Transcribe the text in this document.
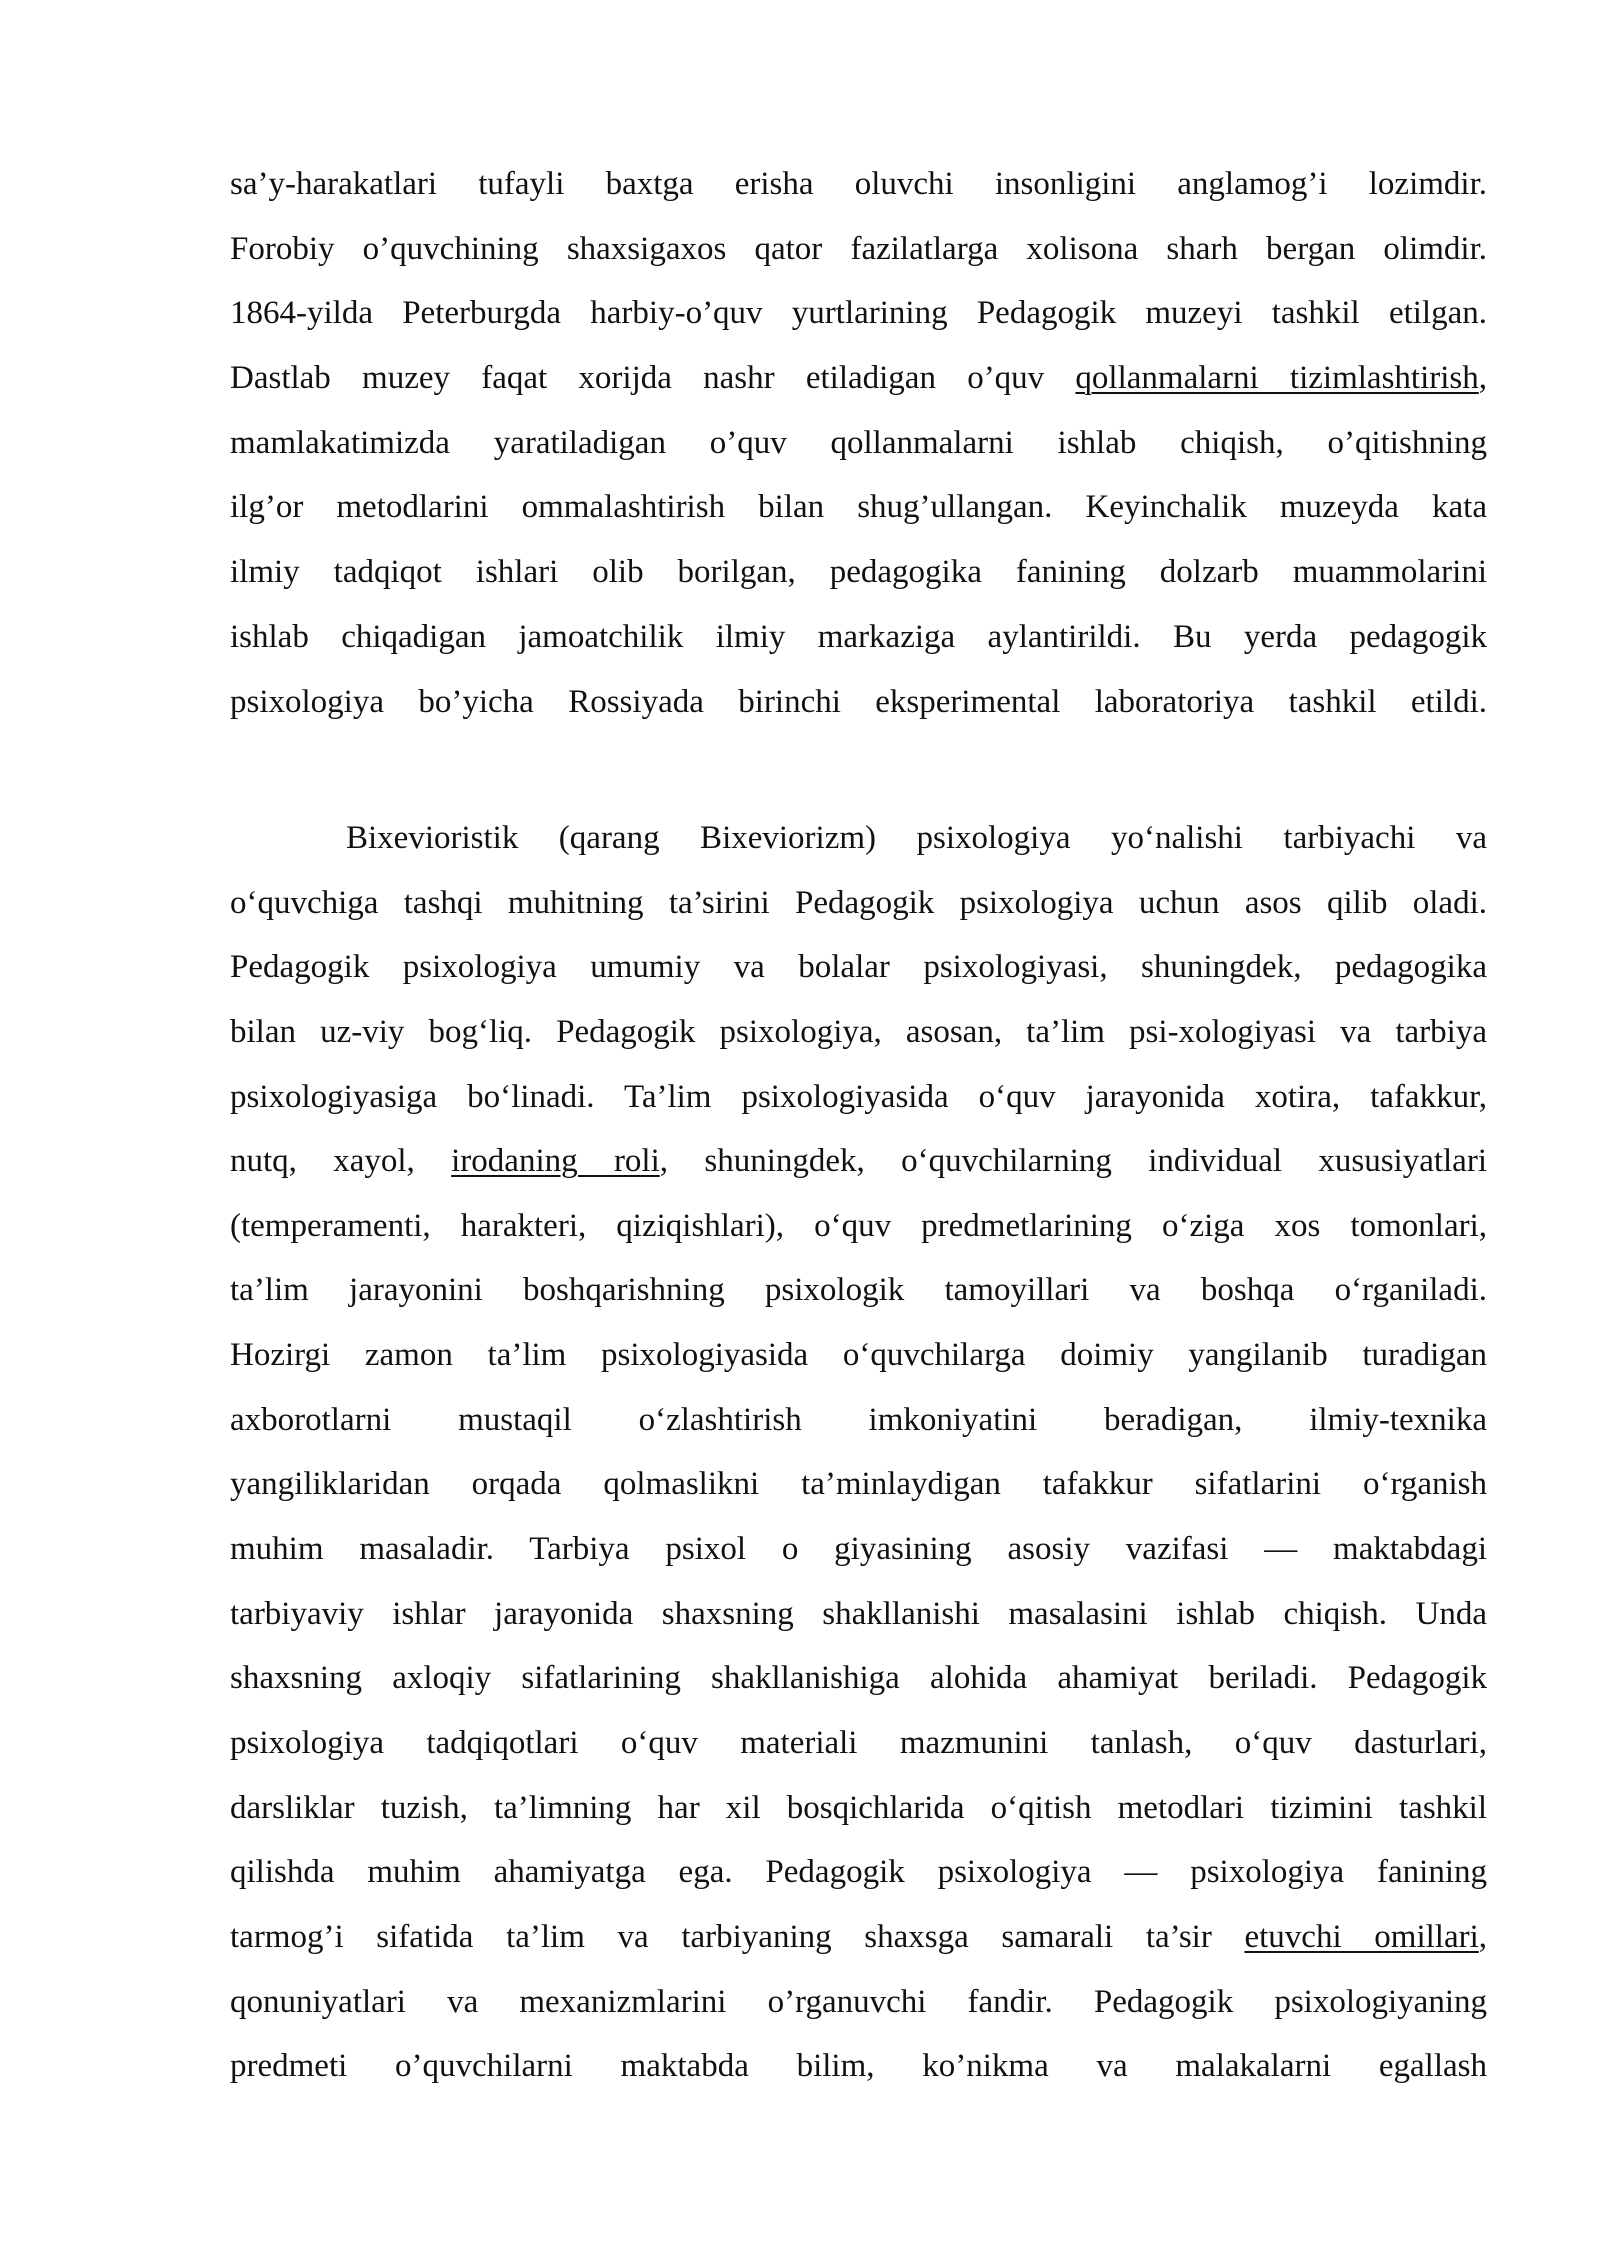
sa’y-harakatlari tufayli baxtga erisha oluvchi insonligini anglamog’i lozimdir.
Forobiy o’quvchining shaxsigaxos qator fazilatlarga xolisona sharh bergan olimdir.
1864-yilda Peterburgda harbiy-o’quv yurtlarining Pedagogik muzeyi tashkil etilgan.
Dastlab muzey faqat xorijda nashr etiladigan o’quv qollanmalarni tizimlashtirish,
mamlakatimizda yaratiladigan o’quv qollanmalarni ishlab chiqish, o’qitishning
ilg’or metodlarini ommalashtirish bilan shug’ullangan. Keyinchalik muzeyda kata
ilmiy tadqiqot ishlari olib borilgan, pedagogika fanining dolzarb muammolarini
ishlab chiqadigan jamoatchilik ilmiy markaziga aylantirildi. Bu yerda pedagogik
psixologiya bo’yicha Rossiyada birinchi eksperimental laboratoriya tashkil etildi.
Bixevioristik (qarang Bixeviorizm) psixologiya yo‘nalishi tarbiyachi va
o‘quvchiga tashqi muhitning ta’sirini Pedagogik psixologiya uchun asos qilib oladi.
Pedagogik psixologiya umumiy va bolalar psixologiyasi, shuningdek, pedagogika
bilan uz-viy bog‘liq. Pedagogik psixologiya, asosan, ta’lim psi-xologiyasi va tarbiya
psixologiyasiga bo‘linadi. Ta’lim psixologiyasida o‘quv jarayonida xotira, tafakkur,
nutq, xayol, irodaning roli, shuningdek, o‘quvchilarning individual xususiyatlari
(temperamenti, harakteri, qiziqishlari), o‘quv predmetlarining o‘ziga xos tomonlari,
ta’lim jarayonini boshqarishning psixologik tamoyillari va boshqa o‘rganiladi.
Hozirgi zamon ta’lim psixologiyasida o‘quvchilarga doimiy yangilanib turadigan
axborotlarni mustaqil o‘zlashtirish imkoniyatini beradigan, ilmiy-texnika
yangiliklaridan orqada qolmaslikni ta’minlaydigan tafakkur sifatlarini o‘rganish
muhim masaladir. Tarbiya psixol o giyasining asosiy vazifasi — maktabdagi
tarbiyaviy ishlar jarayonida shaxsning shakllanishi masalasini ishlab chiqish. Unda
shaxsning axloqiy sifatlarining shakllanishiga alohida ahamiyat beriladi. Pedagogik
psixologiya tadqiqotlari o‘quv materiali mazmunini tanlash, o‘quv dasturlari,
darsliklar tuzish, ta’limning har xil bosqichlarida o‘qitish metodlari tizimini tashkil
qilishda muhim ahamiyatga ega. Pedagogik psixologiya — psixologiya fanining
tarmog’i sifatida ta’lim va tarbiyaning shaxsga samarali ta’sir etuvchi omillari,
qonuniyatlari va mexanizmlarini o’rganuvchi fandir. Pedagogik psixologiyaning
predmeti o’quvchilarni maktabda bilim, ko’nikma va malakalarni egallash
